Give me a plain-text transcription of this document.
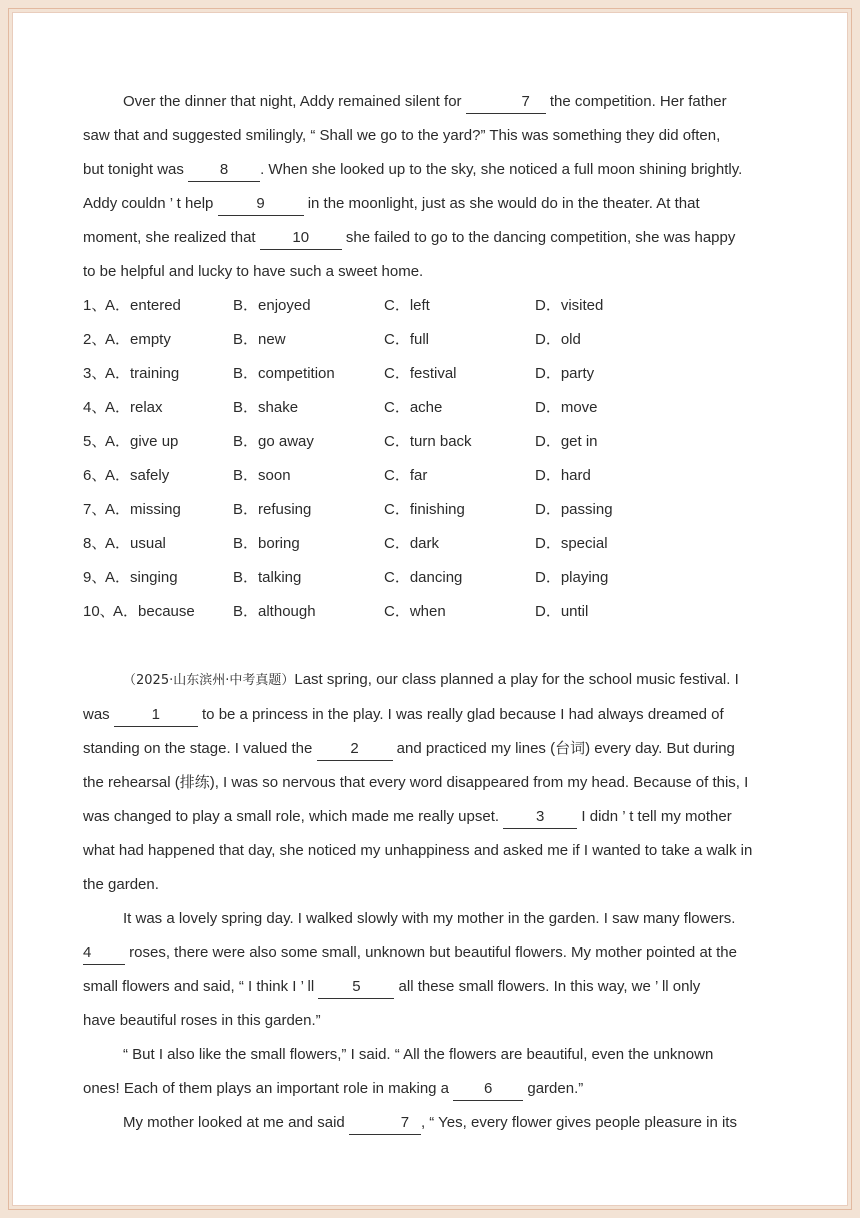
Over the dinner that night, Addy remained silent for	7 the competition. Her father

saw that and suggested smilingly, “ Shall we go to the yard?” This was something they did often,

but tonight was 8 . When she looked up to the sky, she noticed a full moon shining brightly.

Addy couldn ’ t help	9	in the moonlight, just as she would do in the theater. At that

moment, she realized that 10 she failed to go to the dancing competition, she was happy

to be helpful and lucky to have such a sweet home.

1、
A．entered	B．enjoyed	C．left	D．visited
2、
A．empty	B．new	C．full	D．old
3、
A．training	B．competition	C．festival	D．party
4、
A．relax	B．shake	C．ache	D．move
5、
A．give up	B．go away	C．turn back	D．get in
6、
A．safely	B．soon	C．far	D．hard
7、
A．missing	B．refusing	C．finishing	D．passing
8、
A．usual	B．boring	C．dark	D．special
9、
A．singing	B．talking	C．dancing	D．playing
10、
A．because	B．although	C．when	D．until

（2025·山东滨州·中考真题）Last spring, our class planned a play for the school music festival. I

was	1	to be a princess in the play. I was really glad because I had always dreamed of

standing on the stage. I valued the 2 and practiced my lines (台词) every day. But during

the rehearsal (排练), I was so nervous that every word disappeared from my head. Because of this, I

was changed to play a small role, which made me really upset. 3 I didn ’ t tell my mother

what had happened that day, she noticed my unhappiness and asked me if I wanted to take a walk in

the garden.

It was a lovely spring day. I walked slowly with my mother in the garden. I saw many flowers.

4 roses, there were also some small, unknown but beautiful flowers. My mother pointed at the

small flowers and said, “ I think I ’ ll 5 all these small flowers. In this way, we ’ ll only

have beautiful roses in this garden.”

“ But I also like the small flowers,” I said. “ All the flowers are beautiful, even the unknown

ones! Each of them plays an important role in making a 6 garden.”

My mother looked at me and said	7 , “ Yes, every flower gives people pleasure in its
